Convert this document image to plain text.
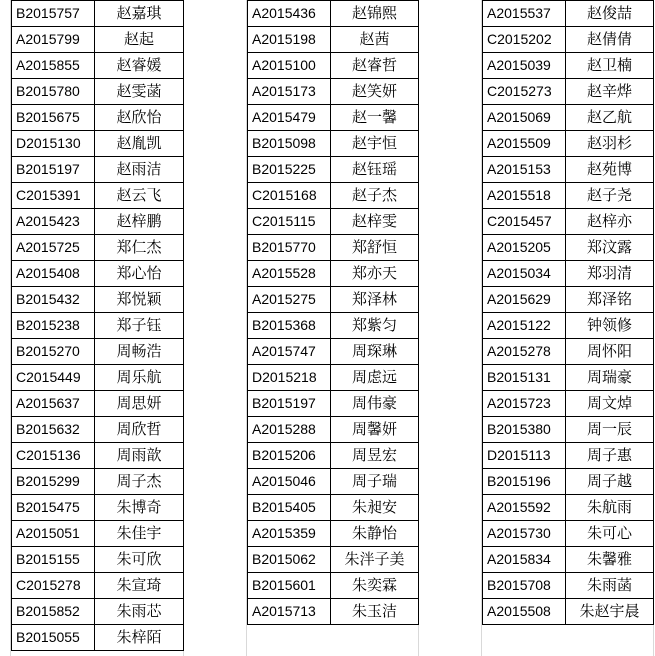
B2015757	赵嘉琪
A2015799	赵起
A2015855	赵睿媛
B2015780	赵雯菡
B2015675	赵欣怡
D2015130	赵胤凯
B2015197	赵雨洁
C2015391	赵云飞
A2015423	赵梓鹏
A2015725	郑仁杰
A2015408	郑心怡
B2015432	郑悦颖
B2015238	郑子钰
B2015270	周畅浩
C2015449	周乐航
A2015637	周思妍
B2015632	周欣哲
C2015136	周雨歆
B2015299	周子杰
B2015475	朱博奇
A2015051	朱佳宇
B2015155	朱可欣
C2015278	朱宣琦
B2015852	朱雨芯
B2015055	朱梓陌
A2015436	赵锦熙
A2015198	赵茜
A2015100	赵睿哲
A2015173	赵笑妍
A2015479	赵一馨
B2015098	赵宇恒
B2015225	赵钰瑶
C2015168	赵子杰
C2015115	赵梓雯
B2015770	郑舒恒
A2015528	郑亦天
A2015275	郑泽林
B2015368	郑紫匀
A2015747	周琛琳
D2015218	周虑远
B2015197	周伟豪
A2015288	周馨妍
B2015206	周昱宏
A2015046	周子瑞
B2015405	朱昶安
A2015359	朱静怡
B2015062	朱泮子美
B2015601	朱奕霖
A2015713	朱玉洁
A2015537	赵俊喆
C2015202	赵倩倩
A2015039	赵卫楠
C2015273	赵辛烨
A2015069	赵乙航
A2015509	赵羽杉
A2015153	赵苑博
A2015518	赵子尧
C2015457	赵梓亦
A2015205	郑汶露
A2015034	郑羽清
A2015629	郑泽铭
A2015122	钟领修
A2015278	周怀阳
B2015131	周瑞豪
A2015723	周文焯
B2015380	周一辰
D2015113	周子惠
B2015196	周子越
A2015592	朱航雨
A2015730	朱可心
A2015834	朱馨雅
B2015708	朱雨菡
A2015508	朱赵宇晨
